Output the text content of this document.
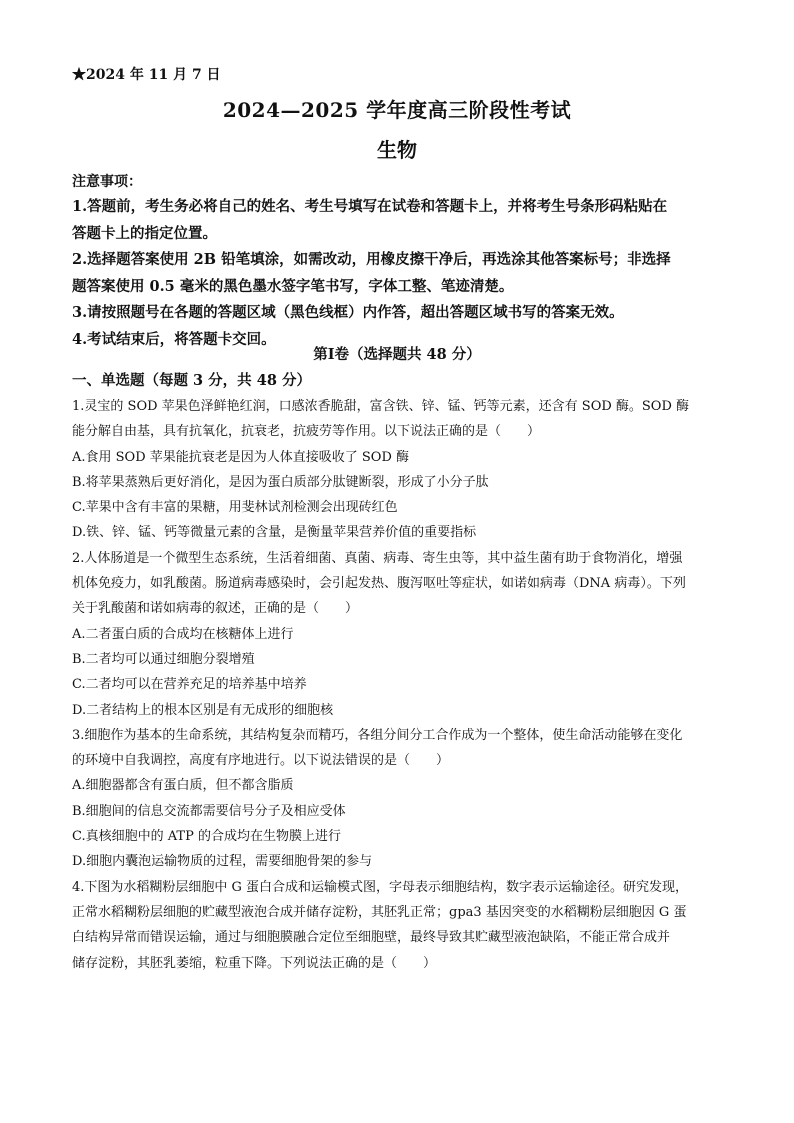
★2024 年 11 月 7 日
2024—2025 学年度高三阶段性考试
生物
注意事项：
1.答题前，考生务必将自己的姓名、考生号填写在试卷和答题卡上，并将考生号条形码粘贴在
答题卡上的指定位置。
2.选择题答案使用 2B 铅笔填涂，如需改动，用橡皮擦干净后，再选涂其他答案标号；非选择
题答案使用 0.5 毫米的黑色墨水签字笔书写，字体工整、笔迹清楚。
3.请按照题号在各题的答题区域（黑色线框）内作答，超出答题区域书写的答案无效。
4.考试结束后，将答题卡交回。
第Ⅰ卷（选择题共 48 分）
一、单选题（每题 3 分，共 48 分）
1.灵宝的 SOD 苹果色泽鲜艳红润，口感浓香脆甜，富含铁、锌、锰、钙等元素，还含有 SOD 酶。SOD 酶
能分解自由基，具有抗氧化，抗衰老，抗疲劳等作用。以下说法正确的是（　　）
A.食用 SOD 苹果能抗衰老是因为人体直接吸收了 SOD 酶
B.将苹果蒸熟后更好消化，是因为蛋白质部分肽键断裂，形成了小分子肽
C.苹果中含有丰富的果糖，用斐林试剂检测会出现砖红色
D.铁、锌、锰、钙等微量元素的含量，是衡量苹果营养价值的重要指标
2.人体肠道是一个微型生态系统，生活着细菌、真菌、病毒、寄生虫等，其中益生菌有助于食物消化，增强
机体免疫力，如乳酸菌。肠道病毒感染时，会引起发热、腹泻呕吐等症状，如诺如病毒（DNA 病毒）。下列
关于乳酸菌和诺如病毒的叙述，正确的是（　　）
A.二者蛋白质的合成均在核糖体上进行
B.二者均可以通过细胞分裂增殖
C.二者均可以在营养充足的培养基中培养
D.二者结构上的根本区别是有无成形的细胞核
3.细胞作为基本的生命系统，其结构复杂而精巧，各组分间分工合作成为一个整体，使生命活动能够在变化
的环境中自我调控，高度有序地进行。以下说法错误的是（　　）
A.细胞器都含有蛋白质，但不都含脂质
B.细胞间的信息交流都需要信号分子及相应受体
C.真核细胞中的 ATP 的合成均在生物膜上进行
D.细胞内囊泡运输物质的过程，需要细胞骨架的参与
4.下图为水稻糊粉层细胞中 G 蛋白合成和运输模式图，字母表示细胞结构，数字表示运输途径。研究发现，
正常水稻糊粉层细胞的贮藏型液泡合成并储存淀粉，其胚乳正常；gpa3 基因突变的水稻糊粉层细胞因 G 蛋
白结构异常而错误运输，通过与细胞膜融合定位至细胞壁，最终导致其贮藏型液泡缺陷，不能正常合成并
储存淀粉，其胚乳萎缩，粒重下降。下列说法正确的是（　　）
